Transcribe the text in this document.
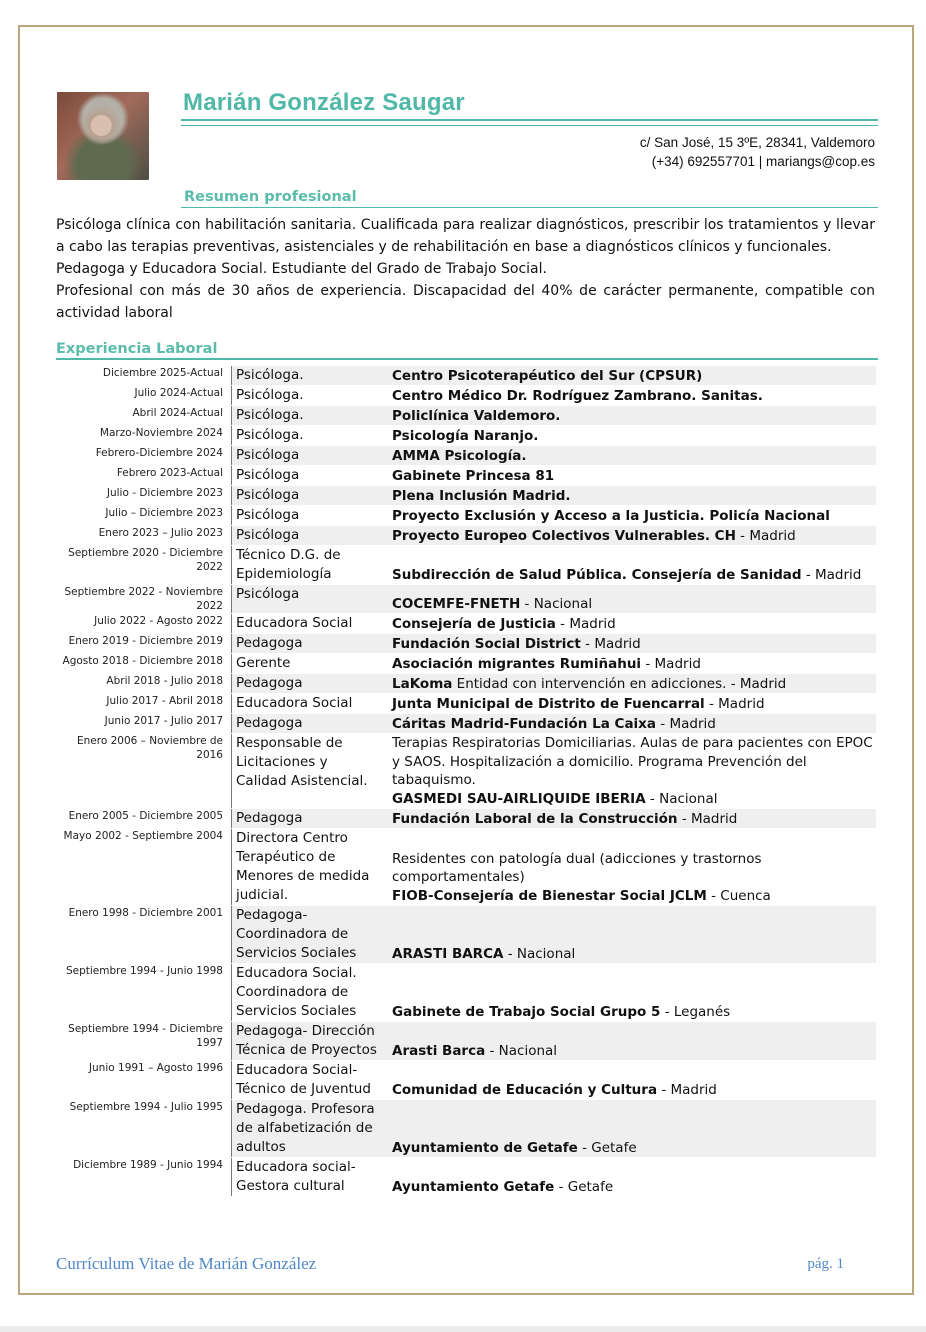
Marián González Saugar
c/ San José, 15 3ºE, 28341, Valdemoro
(+34) 692557701 | mariangs@cop.es
Resumen profesional

Psicóloga clínica con habilitación sanitaria. Cualificada para realizar diagnósticos, prescribir los tratamientos y llevar a cabo las terapias preventivas, asistenciales y de rehabilitación en base a diagnósticos clínicos y funcionales.

Pedagoga y Educadora Social. Estudiante del Grado de Trabajo Social.

Profesional con más de 30 años de experiencia. Discapacidad del 40% de carácter permanente, compatible con actividad laboral

Experiencia Laboral
Diciembre 2025-Actual	Psicóloga.	Centro Psicoterapéutico del Sur (CPSUR)

Julio 2024-Actual	Psicóloga.	Centro Médico Dr. Rodríguez Zambrano. Sanitas.

Abril 2024-Actual	Psicóloga.	Policlínica Valdemoro.

Marzo-Noviembre 2024	Psicóloga.	Psicología Naranjo.

Febrero-Diciembre 2024	Psicóloga	AMMA Psicología.

Febrero 2023-Actual	Psicóloga	Gabinete Princesa 81

Julio - Diciembre 2023	Psicóloga	Plena Inclusión Madrid.

Julio – Diciembre 2023	Psicóloga	Proyecto Exclusión y Acceso a la Justicia. Policía Nacional

Enero 2023 – Julio 2023	Psicóloga	Proyecto Europeo Colectivos Vulnerables. CH - Madrid

Septiembre 2020 - Diciembre 2022	Técnico D.G. de Epidemiología	Subdirección de Salud Pública. Consejería de Sanidad - Madrid

Septiembre 2022 - Noviembre 2022	Psicóloga	COCEMFE-FNETH - Nacional

Julio 2022 - Agosto 2022	Educadora Social	Consejería de Justicia - Madrid

Enero 2019 - Diciembre 2019	Pedagoga	Fundación Social District - Madrid

Agosto 2018 - Diciembre 2018	Gerente	Asociación migrantes Rumiñahui - Madrid

Abril 2018 - Julio 2018	Pedagoga	LaKoma Entidad con intervención en adicciones. - Madrid

Julio 2017 - Abril 2018	Educadora Social	Junta Municipal de Distrito de Fuencarral - Madrid

Junio 2017 - Julio 2017	Pedagoga	Cáritas Madrid-Fundación La Caixa - Madrid

Enero 2006 – Noviembre de 2016	Responsable de Licitaciones y Calidad Asistencial.	Terapias Respiratorias Domiciliarias. Aulas de para pacientes con EPOC y SAOS. Hospitalización a domicilio. Programa Prevención del tabaquismo.
GASMEDI SAU-AIRLIQUIDE IBERIA - Nacional

Enero 2005 - Diciembre 2005	Pedagoga	Fundación Laboral de la Construcción - Madrid

Mayo 2002 - Septiembre 2004	Directora Centro Terapéutico de Menores de medida judicial.	Residentes con patología dual (adicciones y trastornos comportamentales)
FIOB-Consejería de Bienestar Social JCLM - Cuenca

Enero 1998 - Diciembre 2001	Pedagoga- Coordinadora de Servicios Sociales	ARASTI BARCA - Nacional

Septiembre 1994 - Junio 1998	Educadora Social. Coordinadora de Servicios Sociales	Gabinete de Trabajo Social Grupo 5 - Leganés

Septiembre 1994 - Diciembre 1997	Pedagoga- Dirección Técnica de Proyectos	Arasti Barca - Nacional

Junio 1991 – Agosto 1996	Educadora Social- Técnico de Juventud	Comunidad de Educación y Cultura - Madrid

Septiembre 1994 - Julio 1995	Pedagoga. Profesora de alfabetización de adultos	Ayuntamiento de Getafe - Getafe

Diciembre 1989 - Junio 1994	Educadora social- Gestora cultural	Ayuntamiento Getafe - Getafe
Currículum Vitae de Marián González	pág. 1
